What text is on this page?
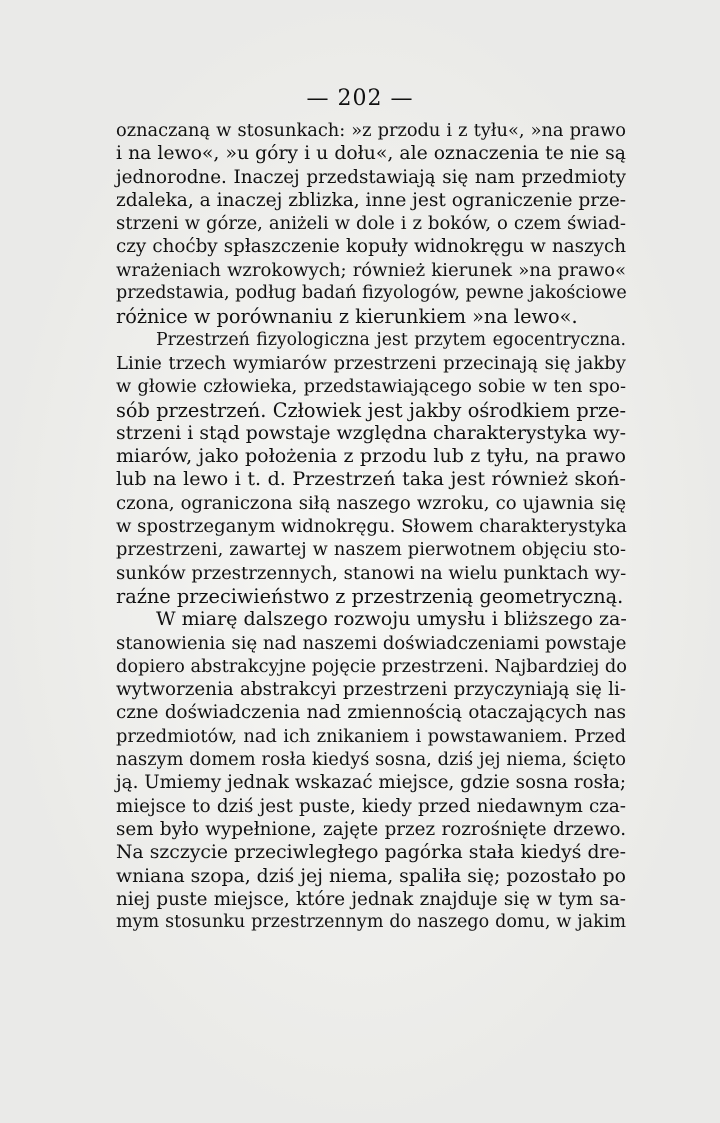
— 202 —
oznaczaną w stosunkach: »z przodu i z tyłu«, »na prawo
i na lewo«, »u góry i u dołu«, ale oznaczenia te nie są
jednorodne. Inaczej przedstawiają się nam przedmioty
zdaleka, a inaczej zblizka, inne jest ograniczenie prze-
strzeni w górze, aniżeli w dole i z boków, o czem świad-
czy choćby spłaszczenie kopuły widnokręgu w naszych
wrażeniach wzrokowych; również kierunek »na prawo«
przedstawia, podług badań fizyologów, pewne jakościowe
różnice w porównaniu z kierunkiem »na lewo«.
Przestrzeń fizyologiczna jest przytem egocentryczna.
Linie trzech wymiarów przestrzeni przecinają się jakby
w głowie człowieka, przedstawiającego sobie w ten spo-
sób przestrzeń. Człowiek jest jakby ośrodkiem prze-
strzeni i stąd powstaje względna charakterystyka wy-
miarów, jako położenia z przodu lub z tyłu, na prawo
lub na lewo i t. d. Przestrzeń taka jest również skoń-
czona, ograniczona siłą naszego wzroku, co ujawnia się
w spostrzeganym widnokręgu. Słowem charakterystyka
przestrzeni, zawartej w naszem pierwotnem objęciu sto-
sunków przestrzennych, stanowi na wielu punktach wy-
raźne przeciwieństwo z przestrzenią geometryczną.
W miarę dalszego rozwoju umysłu i bliższego za-
stanowienia się nad naszemi doświadczeniami powstaje
dopiero abstrakcyjne pojęcie przestrzeni. Najbardziej do
wytworzenia abstrakcyi przestrzeni przyczyniają się li-
czne doświadczenia nad zmiennością otaczających nas
przedmiotów, nad ich znikaniem i powstawaniem. Przed
naszym domem rosła kiedyś sosna, dziś jej niema, ścięto
ją. Umiemy jednak wskazać miejsce, gdzie sosna rosła;
miejsce to dziś jest puste, kiedy przed niedawnym cza-
sem było wypełnione, zajęte przez rozrośnięte drzewo.
Na szczycie przeciwległego pagórka stała kiedyś dre-
wniana szopa, dziś jej niema, spaliła się; pozostało po
niej puste miejsce, które jednak znajduje się w tym sa-
mym stosunku przestrzennym do naszego domu, w jakim
